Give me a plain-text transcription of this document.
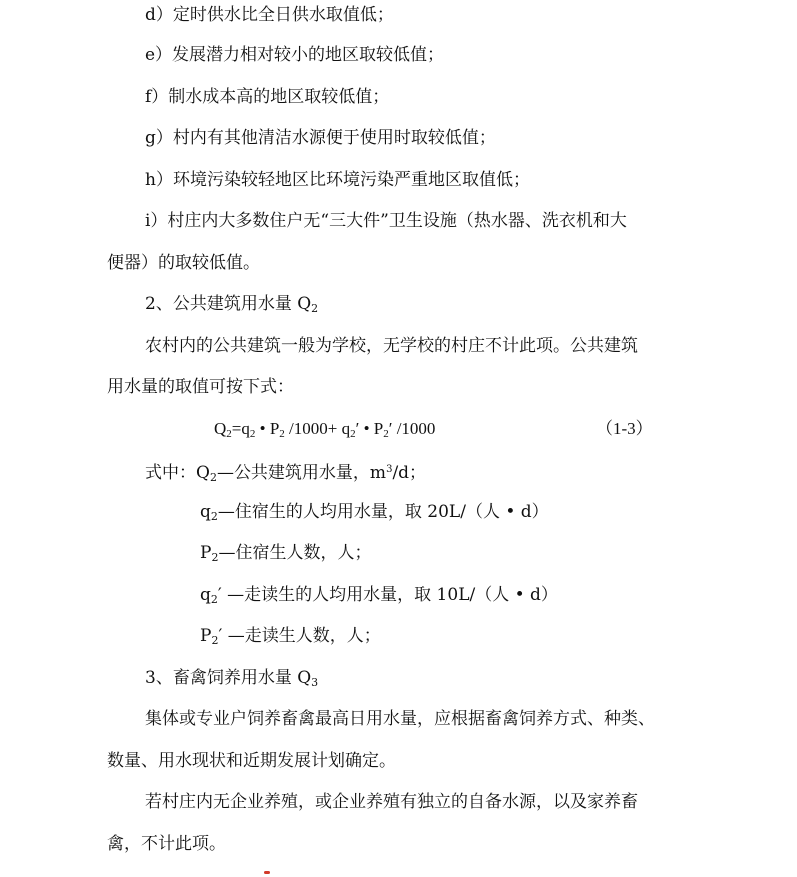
d）定时供水比全日供水取值低；
e）发展潜力相对较小的地区取较低值；
f）制水成本高的地区取较低值；
g）村内有其他清洁水源便于使用时取较低值；
h）环境污染较轻地区比环境污染严重地区取值低；
i）村庄内大多数住户无“三大件”卫生设施（热水器、洗衣机和大
便器）的取较低值。
2、公共建筑用水量 $Q_2$
农村内的公共建筑一般为学校，无学校的村庄不计此项。公共建筑
用水量的取值可按下式：
$Q_2=q_2$ • $P_2$ $/1000+ q_2'$ • $P_2'$ /1000	（1-3）
式中：$Q_2—$公共建筑用水量，$m^3/d$；
$q_2—$住宿生的人均用水量，取 20L/（人 • d）
$P_2—$住宿生人数，人；
$q_2'$ —走读生的人均用水量，取 10L/（人 • d）
$P_2'$ —走读生人数，人；
3、畜禽饲养用水量 $Q_3$
集体或专业户饲养畜禽最高日用水量，应根据畜禽饲养方式、种类、
数量、用水现状和近期发展计划确定。
若村庄内无企业养殖，或企业养殖有独立的自备水源，以及家养畜
禽，不计此项。
